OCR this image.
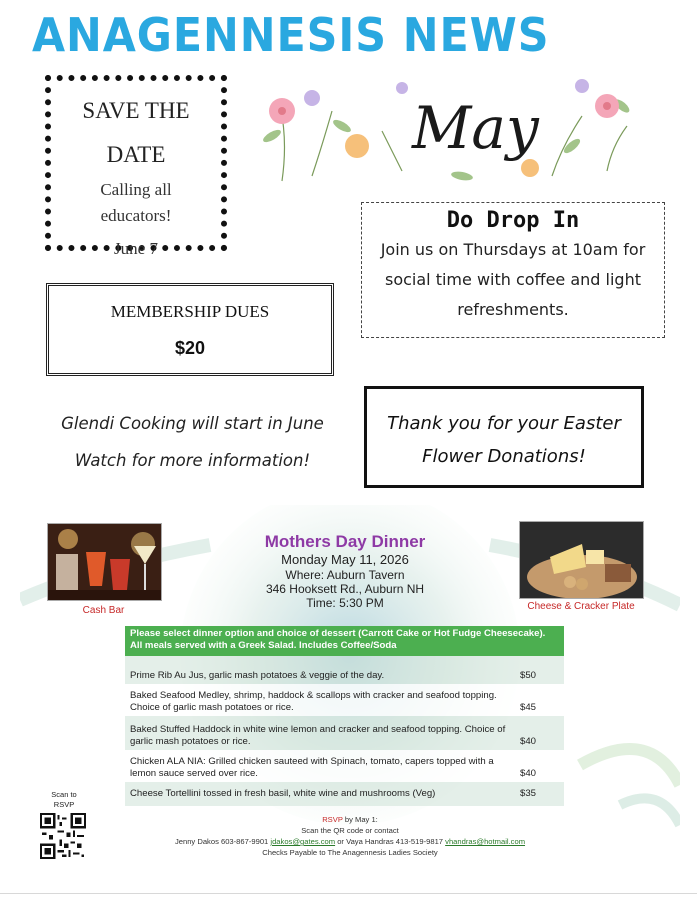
ANAGENNESIS NEWS
SAVE THE
DATE
Calling all
educators!
June 7
May
Do Drop In
Join us on Thursdays at 10am for
social time with coffee and light
refreshments.
MEMBERSHIP DUES
$20
Glendi Cooking will start in June
Watch for more information!
Thank you for your Easter
Flower Donations!
Cash Bar	Cheese & Cracker Plate
Mothers Day Dinner
Monday May 11, 2026
Where: Auburn Tavern
346 Hooksett Rd., Auburn NH
Time: 5:30 PM
Please select dinner option and choice of dessert (Carrott Cake or Hot Fudge Cheesecake). All meals served with a Greek Salad. Includes Coffee/Soda
Prime Rib Au Jus, garlic mash potatoes & veggie of the day.	$50
Baked Seafood Medley, shrimp, haddock & scallops with cracker and seafood topping. Choice of garlic mash potatoes or rice.	$45
Baked Stuffed Haddock in white wine lemon and cracker and seafood topping. Choice of garlic mash potatoes or rice.	$40
Chicken ALA NIA: Grilled chicken sauteed with Spinach, tomato, capers topped with a lemon sauce served over rice.	$40
Cheese Tortellini tossed in fresh basil, white wine and mushrooms (Veg)	$35
Scan to
RSVP
RSVP by May 1:
Scan the QR code or contact
Jenny Dakos 603-867-9901 jdakos@gates.com or Vaya Handras 413-519-9817 vhandras@hotmail.com
Checks Payable to The Anagennesis Ladies Society
